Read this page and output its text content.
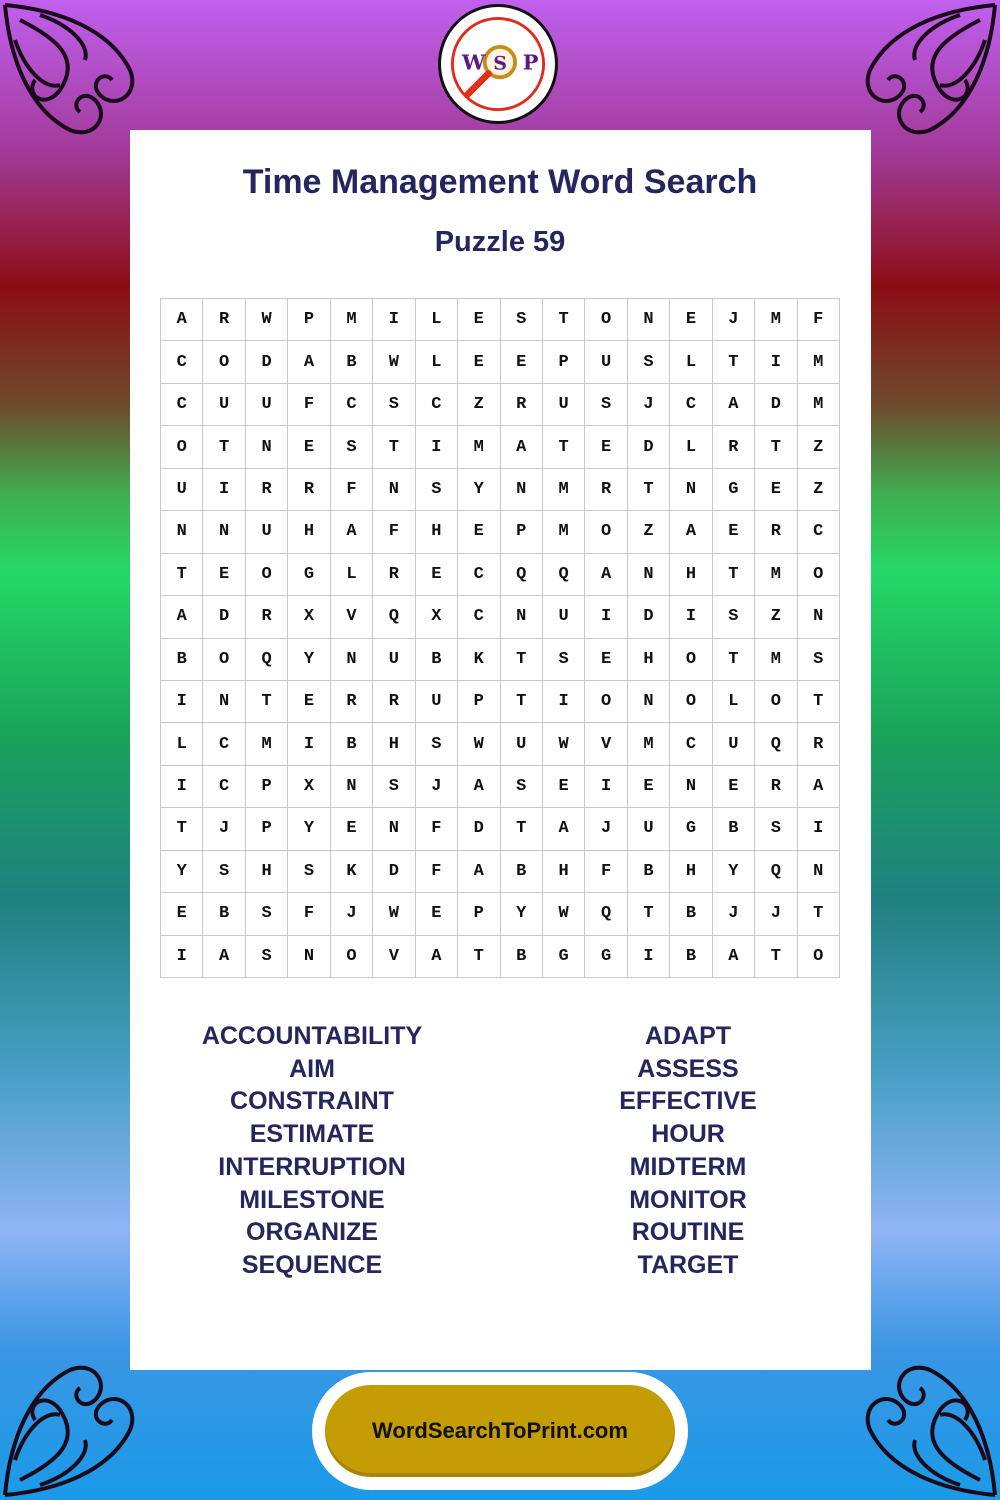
W S P
Time Management Word Search
Puzzle 59
A	R	W	P	M	I	L	E	S	T	O	N	E	J	M	F
C	O	D	A	B	W	L	E	E	P	U	S	L	T	I	M
C	U	U	F	C	S	C	Z	R	U	S	J	C	A	D	M
O	T	N	E	S	T	I	M	A	T	E	D	L	R	T	Z
U	I	R	R	F	N	S	Y	N	M	R	T	N	G	E	Z
N	N	U	H	A	F	H	E	P	M	O	Z	A	E	R	C
T	E	O	G	L	R	E	C	Q	Q	A	N	H	T	M	O
A	D	R	X	V	Q	X	C	N	U	I	D	I	S	Z	N
B	O	Q	Y	N	U	B	K	T	S	E	H	O	T	M	S
I	N	T	E	R	R	U	P	T	I	O	N	O	L	O	T
L	C	M	I	B	H	S	W	U	W	V	M	C	U	Q	R
I	C	P	X	N	S	J	A	S	E	I	E	N	E	R	A
T	J	P	Y	E	N	F	D	T	A	J	U	G	B	S	I
Y	S	H	S	K	D	F	A	B	H	F	B	H	Y	Q	N
E	B	S	F	J	W	E	P	Y	W	Q	T	B	J	J	T
I	A	S	N	O	V	A	T	B	G	G	I	B	A	T	O
ACCOUNTABILITY
AIM
CONSTRAINT
ESTIMATE
INTERRUPTION
MILESTONE
ORGANIZE
SEQUENCE
ADAPT
ASSESS
EFFECTIVE
HOUR
MIDTERM
MONITOR
ROUTINE
TARGET
WordSearchToPrint.com
